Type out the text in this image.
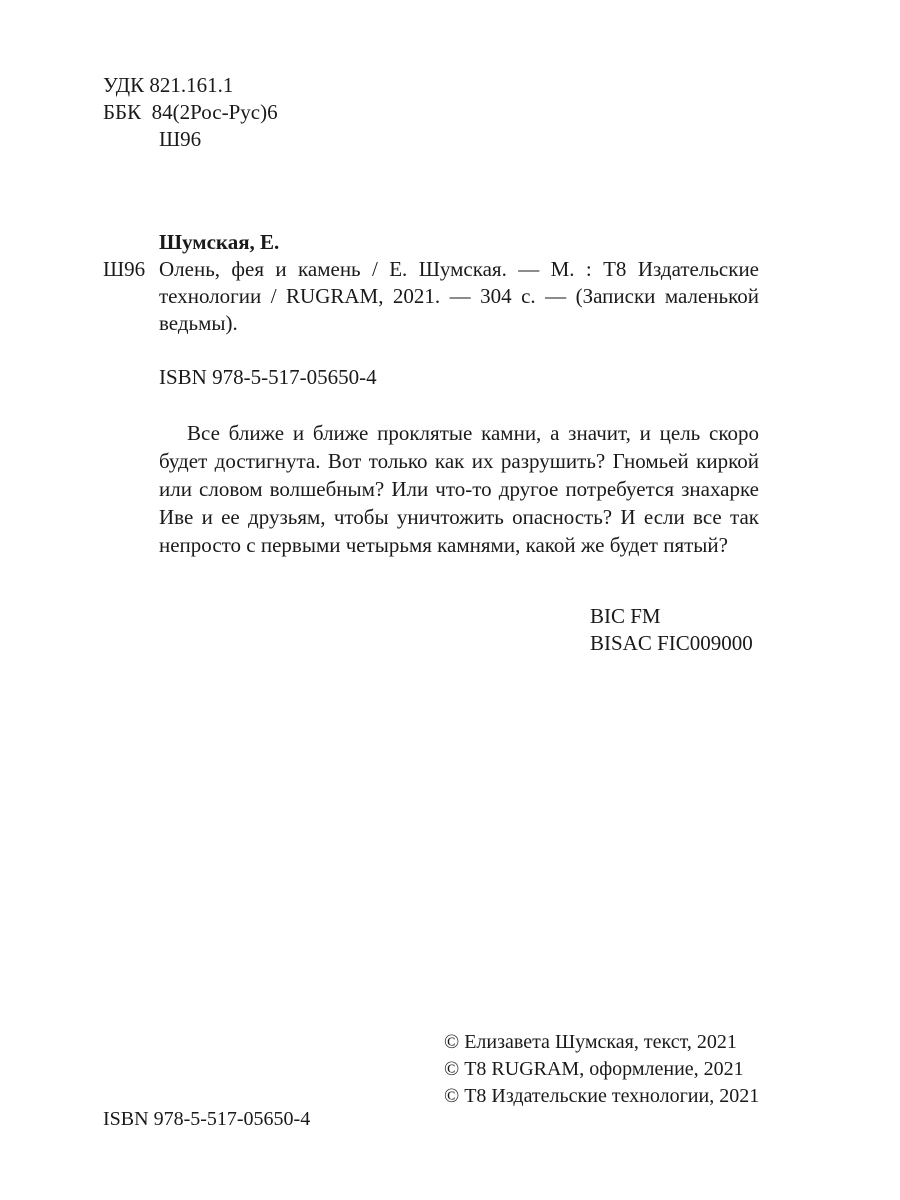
УДК 821.161.1
ББК  84(2Рос-Рус)6
Ш96
Шумская, Е.
Ш96 Олень, фея и камень / Е. Шумская. — М. : Т8 Издательские технологии / RUGRAM, 2021. — 304 с. — (Записки маленькой ведьмы).
ISBN 978-5-517-05650-4
Все ближе и ближе проклятые камни, а значит, и цель скоро будет достигнута. Вот только как их разрушить? Гномьей киркой или словом волшебным? Или что-то другое потребуется знахарке Иве и ее друзьям, чтобы уничтожить опасность? И если все так непросто с первыми четырьмя камнями, какой же будет пятый?
BIC FM
BISAC FIC009000
© Елизавета Шумская, текст, 2021
© Т8 RUGRAM, оформление, 2021
© Т8 Издательские технологии, 2021
ISBN 978-5-517-05650-4
